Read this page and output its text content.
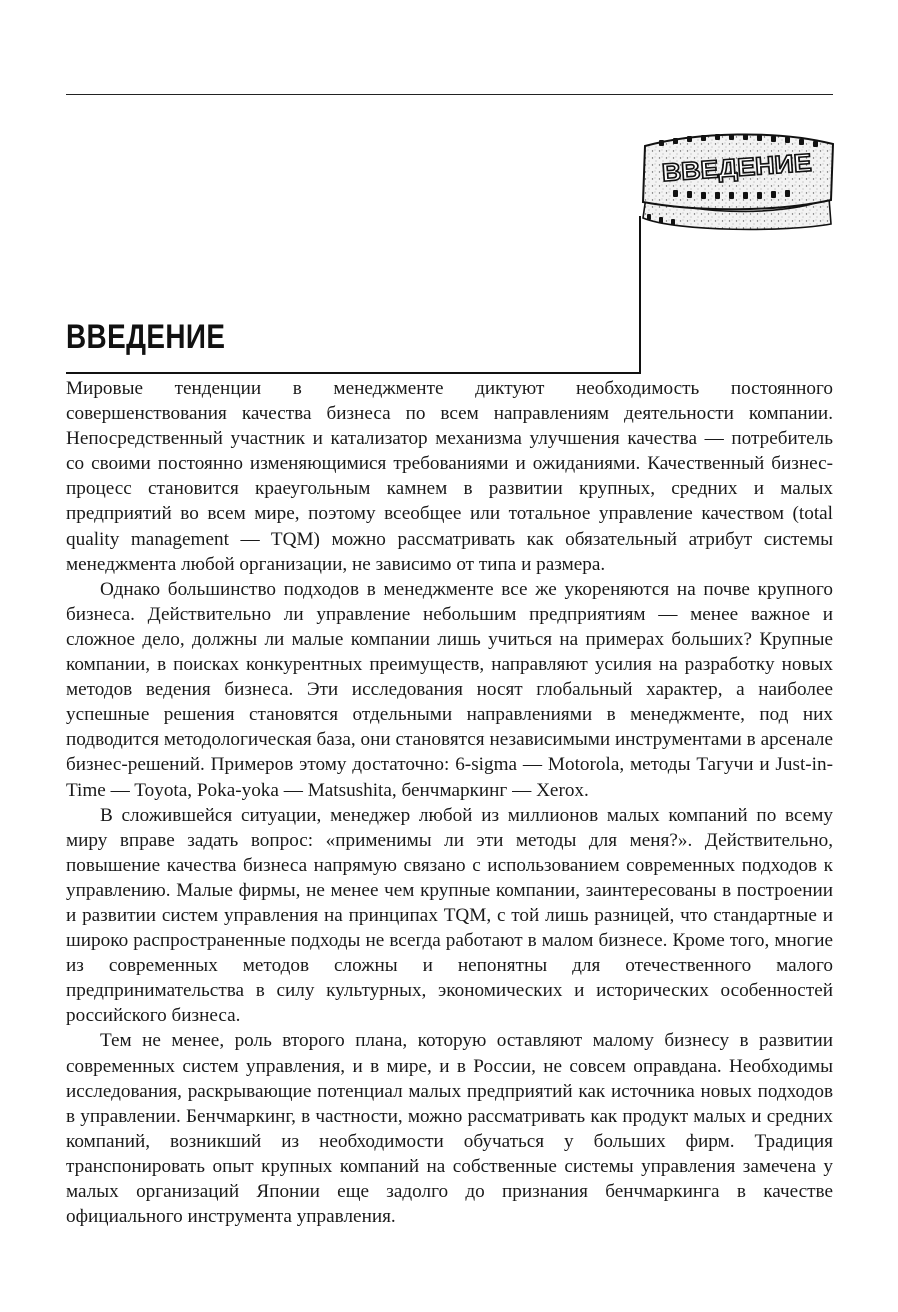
ВВЕДЕНИЕ
ВВЕДЕНИЕ

Мировые тенденции в менеджменте диктуют необходимость постоянного совершенствования качества бизнеса по всем направлениям деятельности компании. Непосредственный участник и катализатор механизма улучшения качества — потребитель со своими постоянно изменяющимися требованиями и ожиданиями. Качественный бизнес-процесс становится краеугольным камнем в развитии крупных, средних и малых предприятий во всем мире, поэтому всеобщее или тотальное управление качеством (total quality management — TQM) можно рассматривать как обязательный атрибут системы менеджмента любой организации, не зависимо от типа и размера.

Однако большинство подходов в менеджменте все же укореняются на почве крупного бизнеса. Действительно ли управление небольшим предприятиям — менее важное и сложное дело, должны ли малые компании лишь учиться на примерах больших? Крупные компании, в поисках конкурентных преимуществ, направляют усилия на разработку новых методов ведения бизнеса. Эти исследования носят глобальный характер, а наиболее успешные решения становятся отдельными направлениями в менеджменте, под них подводится методологическая база, они становятся независимыми инструментами в арсенале бизнес-решений. Примеров этому достаточно: 6-sigma — Motorola, методы Тагучи и Just-in-Time — Toyota, Poka-yoka — Matsushita, бенчмаркинг — Xerox.

В сложившейся ситуации, менеджер любой из миллионов малых компаний по всему миру вправе задать вопрос: «применимы ли эти методы для меня?». Действительно, повышение качества бизнеса напрямую связано с использованием современных подходов к управлению. Малые фирмы, не менее чем крупные компании, заинтересованы в построении и развитии систем управления на принципах TQM, с той лишь разницей, что стандартные и широко распространенные подходы не всегда работают в малом бизнесе. Кроме того, многие из современных методов сложны и непонятны для отечественного малого предпринимательства в силу культурных, экономических и исторических особенностей российского бизнеса.

Тем не менее, роль второго плана, которую оставляют малому бизнесу в развитии современных систем управления, и в мире, и в России, не совсем оправдана. Необходимы исследования, раскрывающие потенциал малых предприятий как источника новых подходов в управлении. Бенчмаркинг, в частности, можно рассматривать как продукт малых и средних компаний, возникший из необходимости обучаться у больших фирм. Традиция транспонировать опыт крупных компаний на собственные системы управления замечена у малых организаций Японии еще задолго до признания бенчмаркинга в качестве официального инструмента управления.
